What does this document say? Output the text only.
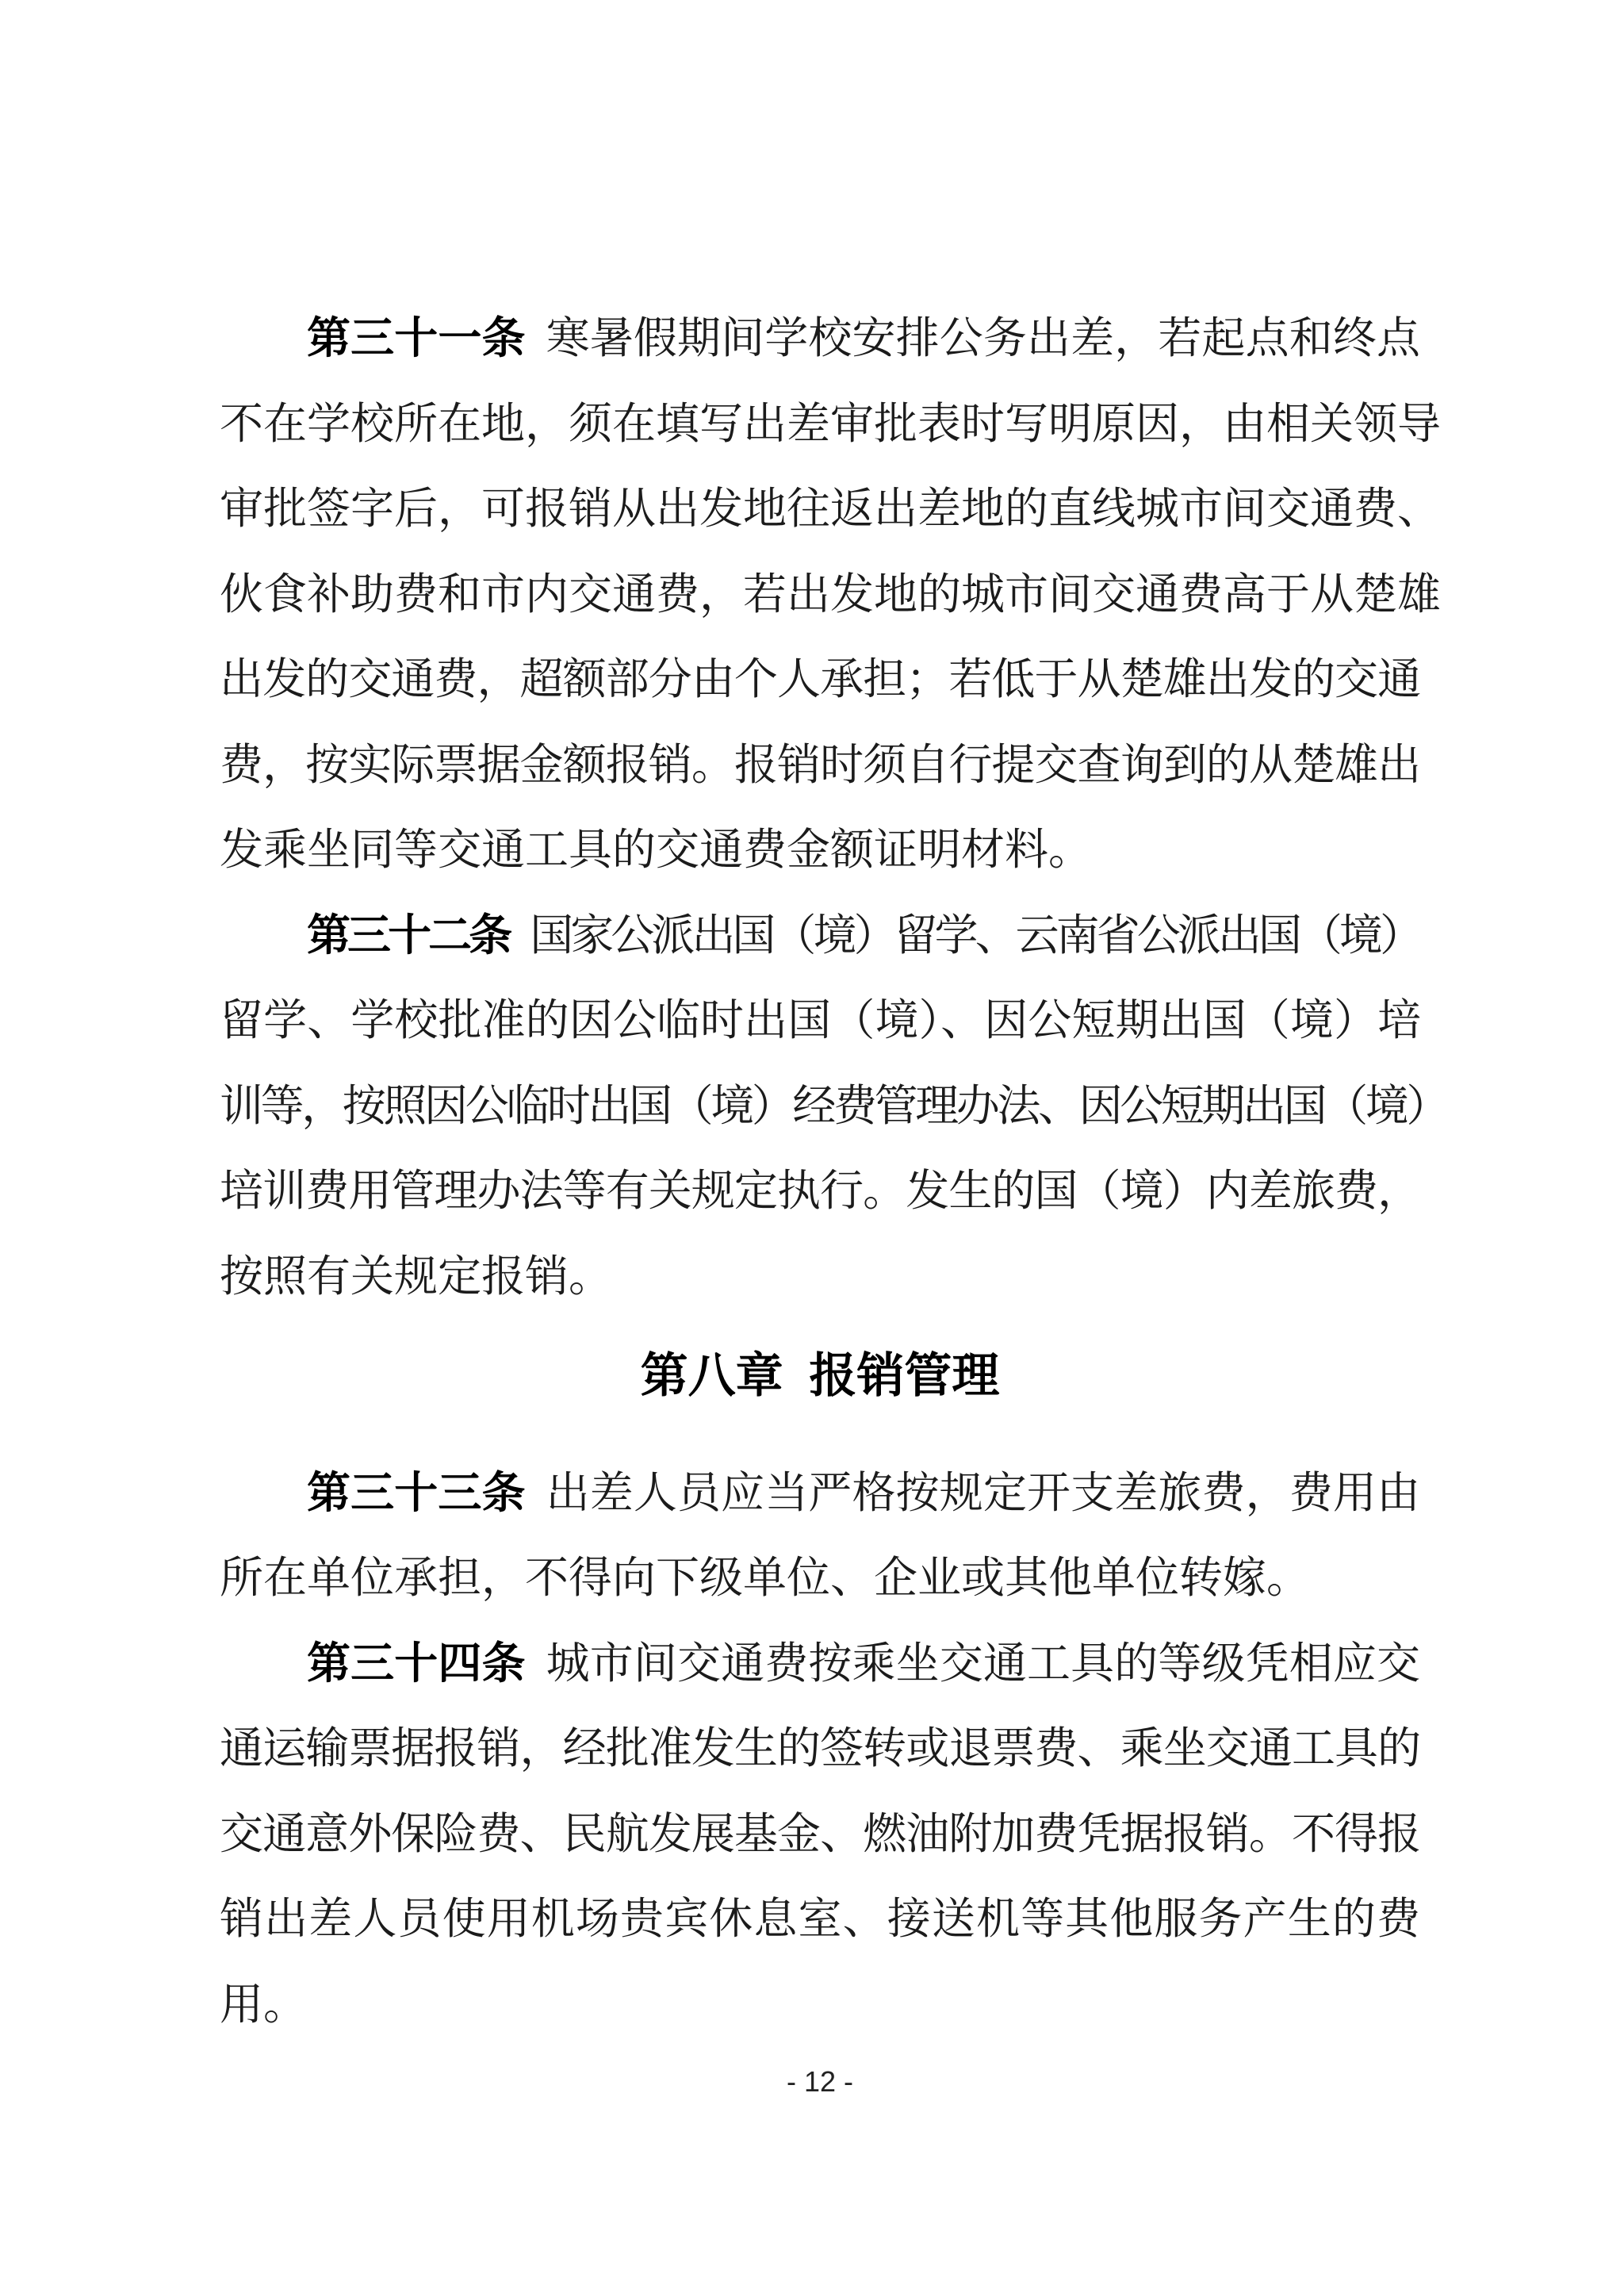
第三十一条 寒暑假期间学校安排公务出差，若起点和终点
不在学校所在地，须在填写出差审批表时写明原因，由相关领导
审批签字后，可报销从出发地往返出差地的直线城市间交通费、
伙食补助费和市内交通费，若出发地的城市间交通费高于从楚雄
出发的交通费，超额部分由个人承担；若低于从楚雄出发的交通
费，按实际票据金额报销。报销时须自行提交查询到的从楚雄出
发乘坐同等交通工具的交通费金额证明材料。
第三十二条 国家公派出国（境）留学、云南省公派出国（境）
留学、学校批准的因公临时出国（境）、因公短期出国（境）培
训等，按照因公临时出国（境）经费管理办法、因公短期出国（境）
培训费用管理办法等有关规定执行。发生的国（境）内差旅费，
按照有关规定报销。
第八章 报销管理
第三十三条 出差人员应当严格按规定开支差旅费，费用由
所在单位承担，不得向下级单位、企业或其他单位转嫁。
第三十四条 城市间交通费按乘坐交通工具的等级凭相应交
通运输票据报销，经批准发生的签转或退票费、乘坐交通工具的
交通意外保险费、民航发展基金、燃油附加费凭据报销。不得报
销出差人员使用机场贵宾休息室、接送机等其他服务产生的费
用。
- 12 -
